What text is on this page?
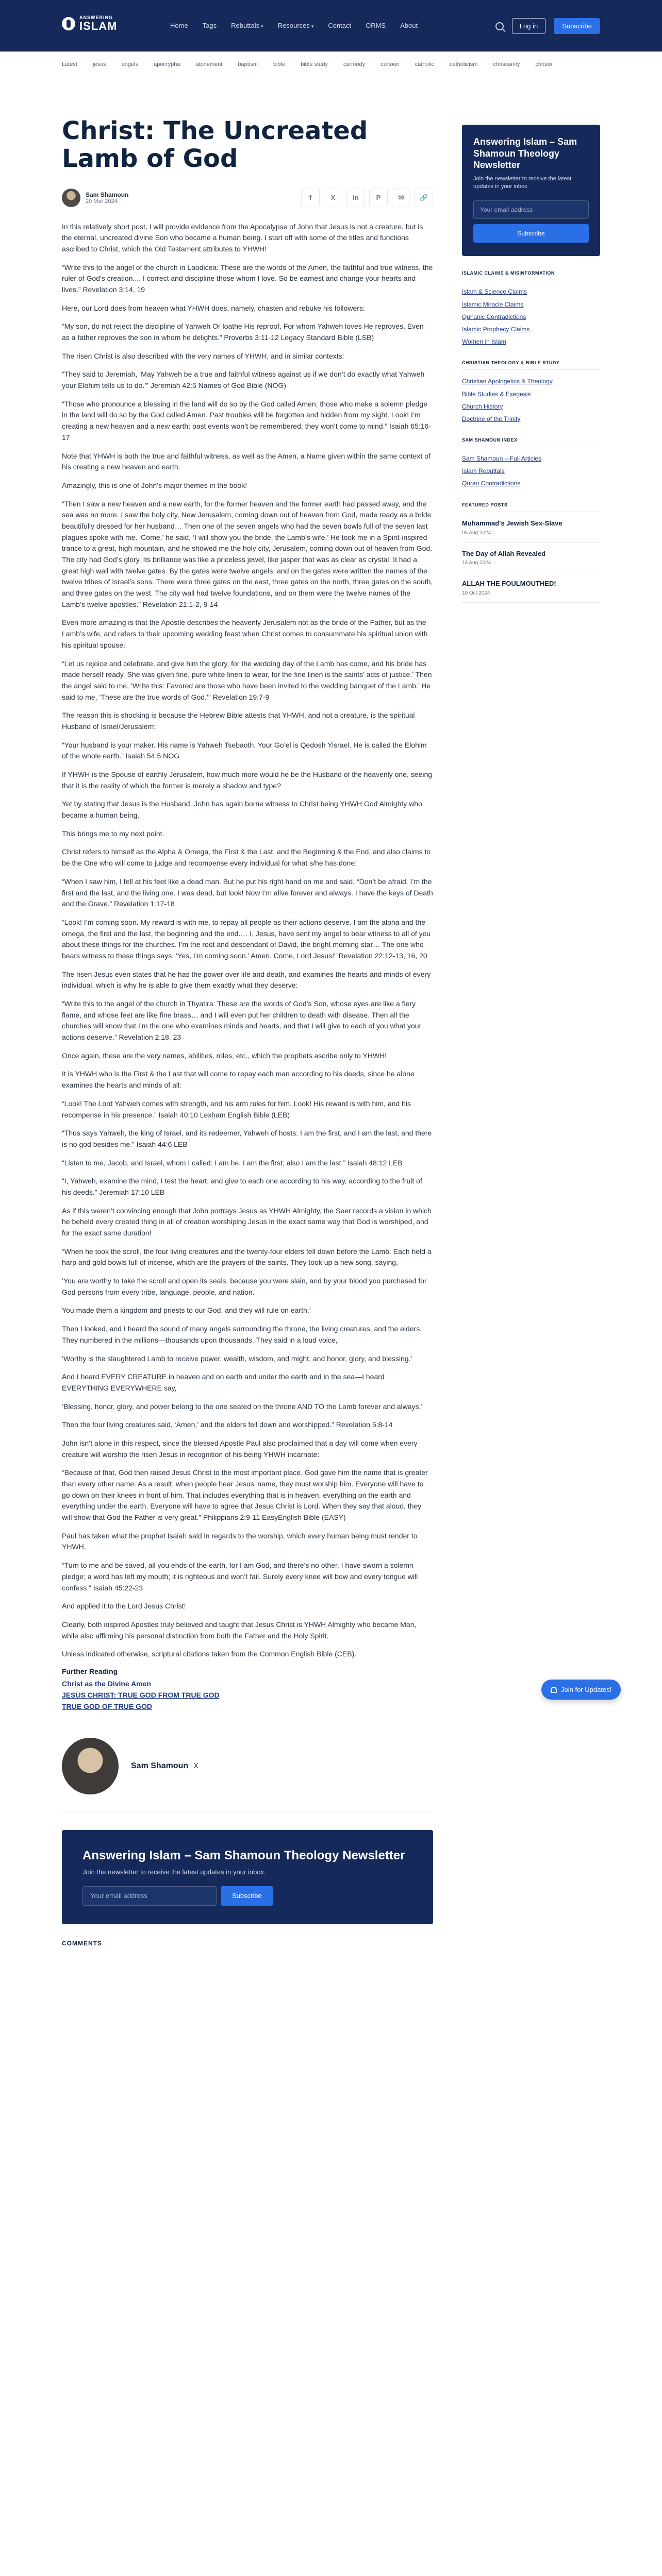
ANSWERING
ISLAM	Home Tags Rebuttals ▾ Resources ▾ Contact ORMS About	Log in	Subscribe
Latest	jesus	angels	apocrypha	atonement	baptism	bible	bible study	carmody	cartoon	catholic	catholicism	christianity	christo
Christ: The Uncreated Lamb of God
Sam Shamoun
20 Mar 2024	f	X	in	P	✉	🔗

In this relatively short post, I will provide evidence from the Apocalypse of John that Jesus is not a creature, but is the eternal, uncreated divine Son who became a human being. I start off with some of the titles and functions ascribed to Christ, which the Old Testament attributes to YHWH!

“Write this to the angel of the church in Laodicea: These are the words of the Amen, the faithful and true witness, the ruler of God’s creation.... I correct and discipline those whom I love. So be earnest and change your hearts and lives.” Revelation 3:14, 19

Here, our Lord does from heaven what YHWH does, namely, chasten and rebuke his followers:

“My son, do not reject the discipline of Yahweh Or loathe His reproof, For whom Yahweh loves He reproves, Even as a father reproves the son in whom he delights.” Proverbs 3:11-12 Legacy Standard Bible (LSB)

The risen Christ is also described with the very names of YHWH, and in similar contexts:

“They said to Jeremiah, ‘May Yahweh be a true and faithful witness against us if we don’t do exactly what Yahweh your Elohim tells us to do.’” Jeremiah 42:5 Names of God Bible (NOG)
“Those who pronounce a blessing in the land will do so by the God called Amen; those who make a solemn pledge in the land will do so by the God called Amen. Past troubles will be forgotten and hidden from my sight. Look! I’m creating a new heaven and a new earth: past events won’t be remembered; they won’t come to mind.” Isaiah 65:16-17

Note that YHWH is both the true and faithful witness, as well as the Amen, a Name given within the same context of his creating a new heaven and earth.

Amazingly, this is one of John’s major themes in the book!

“Then I saw a new heaven and a new earth, for the former heaven and the former earth had passed away, and the sea was no more. I saw the holy city, New Jerusalem, coming down out of heaven from God, made ready as a bride beautifully dressed for her husband… Then one of the seven angels who had the seven bowls full of the seven last plagues spoke with me. ‘Come,’ he said, ‘I will show you the bride, the Lamb’s wife.’ He took me in a Spirit-inspired trance to a great, high mountain, and he showed me the holy city, Jerusalem, coming down out of heaven from God. The city had God’s glory. Its brilliance was like a priceless jewel, like jasper that was as clear as crystal. It had a great high wall with twelve gates. By the gates were twelve angels, and on the gates were written the names of the twelve tribes of Israel’s sons. There were three gates on the east, three gates on the north, three gates on the south, and three gates on the west. The city wall had twelve foundations, and on them were the twelve names of the Lamb’s twelve apostles.” Revelation 21:1-2, 9-14

Even more amazing is that the Apostle describes the heavenly Jerusalem not as the bride of the Father, but as the Lamb’s wife, and refers to their upcoming wedding feast when Christ comes to consummate his spiritual union with his spiritual spouse:

“Let us rejoice and celebrate, and give him the glory, for the wedding day of the Lamb has come, and his bride has made herself ready. She was given fine, pure white linen to wear, for the fine linen is the saints’ acts of justice.’ Then the angel said to me, ‘Write this: Favored are those who have been invited to the wedding banquet of the Lamb.’ He said to me, ‘These are the true words of God.’” Revelation 19:7-9

The reason this is shocking is because the Hebrew Bible attests that YHWH, and not a creature, is the spiritual Husband of Israel/Jerusalem:

“Your husband is your maker. His name is Yahweh Tsebaoth. Your Go’el is Qedosh Yisrael. He is called the Elohim of the whole earth.” Isaiah 54:5 NOG

If YHWH is the Spouse of earthly Jerusalem, how much more would he be the Husband of the heavenly one, seeing that it is the reality of which the former is merely a shadow and type?

Yet by stating that Jesus is the Husband, John has again borne witness to Christ being YHWH God Almighty who became a human being.

This brings me to my next point.

Christ refers to himself as the Alpha & Omega, the First & the Last, and the Beginning & the End, and also claims to be the One who will come to judge and recompense every individual for what s/he has done:

“When I saw him, I fell at his feet like a dead man. But he put his right hand on me and said, “Don’t be afraid. I’m the first and the last, and the living one. I was dead, but look! Now I’m alive forever and always. I have the keys of Death and the Grave.” Revelation 1:17-18
“Look! I’m coming soon. My reward is with me, to repay all people as their actions deserve. I am the alpha and the omega, the first and the last, the beginning and the end.… I, Jesus, have sent my angel to bear witness to all of you about these things for the churches. I’m the root and descendant of David, the bright morning star… The one who bears witness to these things says, ‘Yes, I’m coming soon.’ Amen. Come, Lord Jesus!” Revelation 22:12-13, 16, 20

The risen Jesus even states that he has the power over life and death, and examines the hearts and minds of every individual, which is why he is able to give them exactly what they deserve:

“Write this to the angel of the church in Thyatira: These are the words of God’s Son, whose eyes are like a fiery flame, and whose feet are like fine brass… and I will even put her children to death with disease. Then all the churches will know that I’m the one who examines minds and hearts, and that I will give to each of you what your actions deserve.” Revelation 2:18, 23

Once again, these are the very names, abilities, roles, etc., which the prophets ascribe only to YHWH!

It is YHWH who is the First & the Last that will come to repay each man according to his deeds, since he alone examines the hearts and minds of all:

“Look! The Lord Yahweh comes with strength, and his arm rules for him. Look! His reward is with him, and his recompense in his presence.” Isaiah 40:10 Lexham English Bible (LEB)
“Thus says Yahweh, the king of Israel, and its redeemer, Yahweh of hosts: I am the first, and I am the last, and there is no god besides me.” Isaiah 44:6 LEB
“Listen to me, Jacob, and Israel, whom I called: I am he. I am the first; also I am the last.” Isaiah 48:12 LEB
“I, Yahweh, examine the mind, I test the heart, and give to each one according to his way, according to the fruit of his deeds.” Jeremiah 17:10 LEB

As if this weren’t convincing enough that John portrays Jesus as YHWH Almighty, the Seer records a vision in which he beheld every created thing in all of creation worshiping Jesus in the exact same way that God is worshiped, and for the exact same duration!

“When he took the scroll, the four living creatures and the twenty-four elders fell down before the Lamb. Each held a harp and gold bowls full of incense, which are the prayers of the saints. They took up a new song, saying,
‘You are worthy to take the scroll and open its seals, because you were slain, and by your blood you purchased for God persons from every tribe, language, people, and nation.
You made them a kingdom and priests to our God, and they will rule on earth.’
Then I looked, and I heard the sound of many angels surrounding the throne, the living creatures, and the elders. They numbered in the millions—thousands upon thousands. They said in a loud voice,
‘Worthy is the slaughtered Lamb to receive power, wealth, wisdom, and might, and honor, glory, and blessing.’
And I heard EVERY CREATURE in heaven and on earth and under the earth and in the sea—I heard EVERYTHING EVERYWHERE say,
‘Blessing, honor, glory, and power belong to the one seated on the throne AND TO the Lamb forever and always.’
Then the four living creatures said, ‘Amen,’ and the elders fell down and worshipped.” Revelation 5:8-14

John isn’t alone in this respect, since the blessed Apostle Paul also proclaimed that a day will come when every creature will worship the risen Jesus in recognition of his being YHWH incarnate:

“Because of that, God then raised Jesus Christ to the most important place. God gave him the name that is greater than every other name. As a result, when people hear Jesus’ name, they must worship him. Everyone will have to go down on their knees in front of him. That includes everything that is in heaven, everything on the earth and everything under the earth. Everyone will have to agree that Jesus Christ is Lord. When they say that aloud, they will show that God the Father is very great.” Philippians 2:9-11 EasyEnglish Bible (EASY)

Paul has taken what the prophet Isaiah said in regards to the worship, which every human being must render to YHWH,

“Turn to me and be saved, all you ends of the earth, for I am God, and there’s no other. I have sworn a solemn pledge; a word has left my mouth; it is righteous and won’t fail. Surely every knee will bow and every tongue will confess.” Isaiah 45:22-23

And applied it to the Lord Jesus Christ!

Clearly, both inspired Apostles truly believed and taught that Jesus Christ is YHWH Almighty who became Man, while also affirming his personal distinction from both the Father and the Holy Spirit.

Unless indicated otherwise, scriptural citations taken from the Common English Bible (CEB).

Further Reading
Christ as the Divine Amen
JESUS CHRIST: TRUE GOD FROM TRUE GOD
TRUE GOD OF TRUE GOD
Sam Shamoun X
Answering Islam – Sam Shamoun Theology Newsletter
Join the newsletter to receive the latest updates in your inbox.
Your email address
Subscribe
COMMENTS
Answering Islam – Sam Shamoun Theology Newsletter
Join the newsletter to receive the latest updates in your inbox.
Your email address Subscribe
ISLAMIC CLAIMS & MISINFORMATION
Islam & Science Claims
Islamic Miracle Claims
Qur'anic Contradictions
Islamic Prophecy Claims
Women in Islam
CHRISTIAN THEOLOGY & BIBLE STUDY
Christian Apologetics & Theology
Bible Studies & Exegesis
Church History
Doctrine of the Trinity
SAM SHAMOUN INDEX
Sam Shamoun – Full Articles
Islam Rebuttals
Quran Contradictions
FEATURED POSTS
Muhammad's Jewish Sex-Slave
05 Aug 2024
The Day of Allah Revealed
13 Aug 2024
ALLAH THE FOULMOUTHED!
10 Oct 2024
Join for Updates!
